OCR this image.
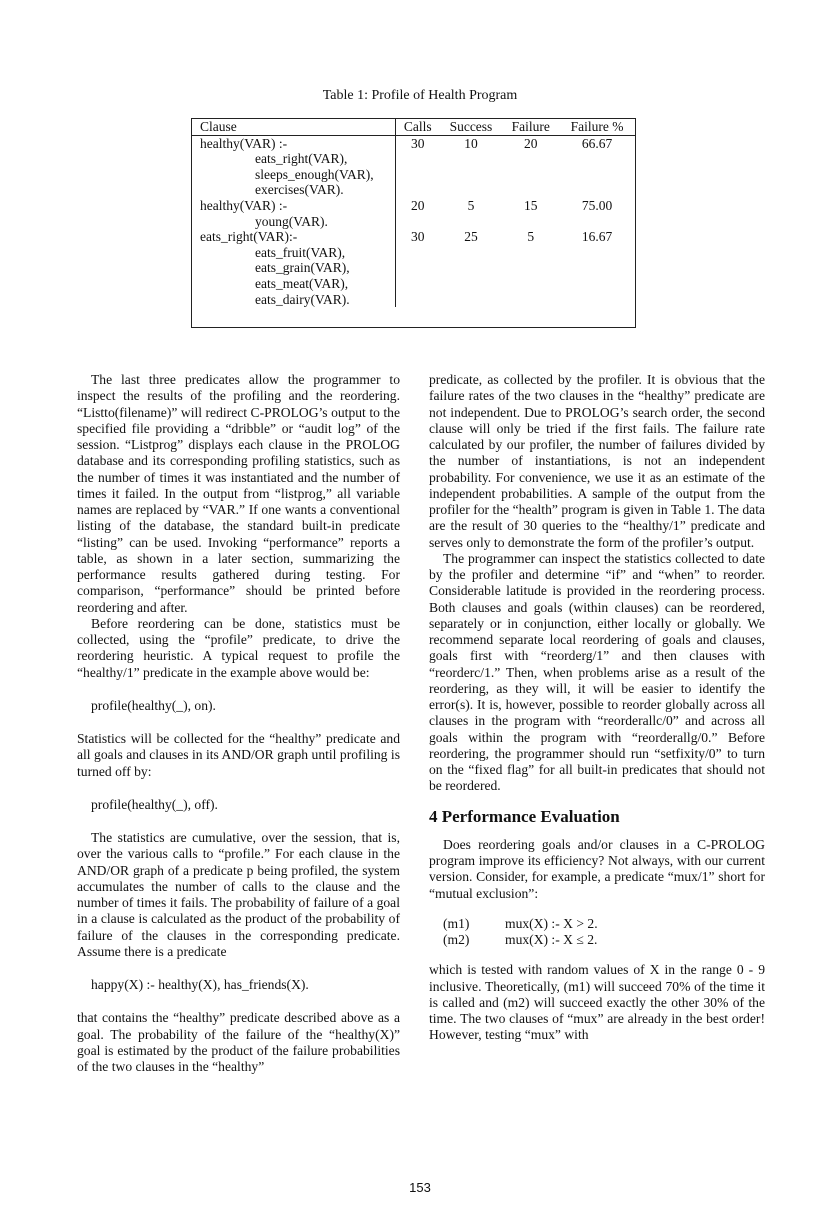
Table 1: Profile of Health Program
Clause	Calls	Success	Failure	Failure %
healthy(VAR) :-
eats_right(VAR),
sleeps_enough(VAR),
exercises(VAR).	30	10	20	66.67
healthy(VAR) :-
young(VAR).	20	5	15	75.00
eats_right(VAR):-
eats_fruit(VAR),
eats_grain(VAR),
eats_meat(VAR),
eats_dairy(VAR).	30	25	5	16.67

The last three predicates allow the programmer to inspect the results of the profiling and the reordering. “Listto(filename)” will redirect C-PROLOG’s output to the specified file providing a “dribble” or “audit log” of the session. “Listprog” displays each clause in the PROLOG database and its corresponding profiling statistics, such as the number of times it was instantiated and the number of times it failed. In the output from “listprog,” all variable names are replaced by “VAR.” If one wants a conventional listing of the database, the standard built-in predicate “listing” can be used. Invoking “performance” reports a table, as shown in a later section, summarizing the performance results gathered during testing. For comparison, “performance” should be printed before reordering and after.

Before reordering can be done, statistics must be collected, using the “profile” predicate, to drive the reordering heuristic. A typical request to profile the “healthy/1” predicate in the example above would be:

profile(healthy(_), on).

Statistics will be collected for the “healthy” predicate and all goals and clauses in its AND/OR graph until profiling is turned off by:

profile(healthy(_), off).

The statistics are cumulative, over the session, that is, over the various calls to “profile.” For each clause in the AND/OR graph of a predicate p being profiled, the system accumulates the number of calls to the clause and the number of times it fails. The probability of failure of a goal in a clause is calculated as the product of the probability of failure of the clauses in the corresponding predicate. Assume there is a predicate

happy(X) :- healthy(X), has_friends(X).

that contains the “healthy” predicate described above as a goal. The probability of the failure of the “healthy(X)” goal is estimated by the product of the failure probabilities of the two clauses in the “healthy”

predicate, as collected by the profiler. It is obvious that the failure rates of the two clauses in the “healthy” predicate are not independent. Due to PROLOG’s search order, the second clause will only be tried if the first fails. The failure rate calculated by our profiler, the number of failures divided by the number of instantiations, is not an independent probability. For convenience, we use it as an estimate of the independent probabilities. A sample of the output from the profiler for the “health” program is given in Table 1. The data are the result of 30 queries to the “healthy/1” predicate and serves only to demonstrate the form of the profiler’s output.

The programmer can inspect the statistics collected to date by the profiler and determine “if” and “when” to reorder. Considerable latitude is provided in the reordering process. Both clauses and goals (within clauses) can be reordered, separately or in conjunction, either locally or globally. We recommend separate local reordering of goals and clauses, goals first with “reorderg/1” and then clauses with “reorderc/1.” Then, when problems arise as a result of the reordering, as they will, it will be easier to identify the error(s). It is, however, possible to reorder globally across all clauses in the program with “reorderallc/0” and across all goals within the program with “reorderallg/0.” Before reordering, the programmer should run “setfixity/0” to turn on the “fixed flag” for all built-in predicates that should not be reordered.

4 Performance Evaluation

Does reordering goals and/or clauses in a C-PROLOG program improve its efficiency? Not always, with our current version. Consider, for example, a predicate “mux/1” short for “mutual exclusion”:

(m1)	mux(X) :- X > 2.
(m2)	mux(X) :- X ≤ 2.

which is tested with random values of X in the range 0 - 9 inclusive. Theoretically, (m1) will succeed 70% of the time it is called and (m2) will succeed exactly the other 30% of the time. The two clauses of “mux” are already in the best order! However, testing “mux” with

153
